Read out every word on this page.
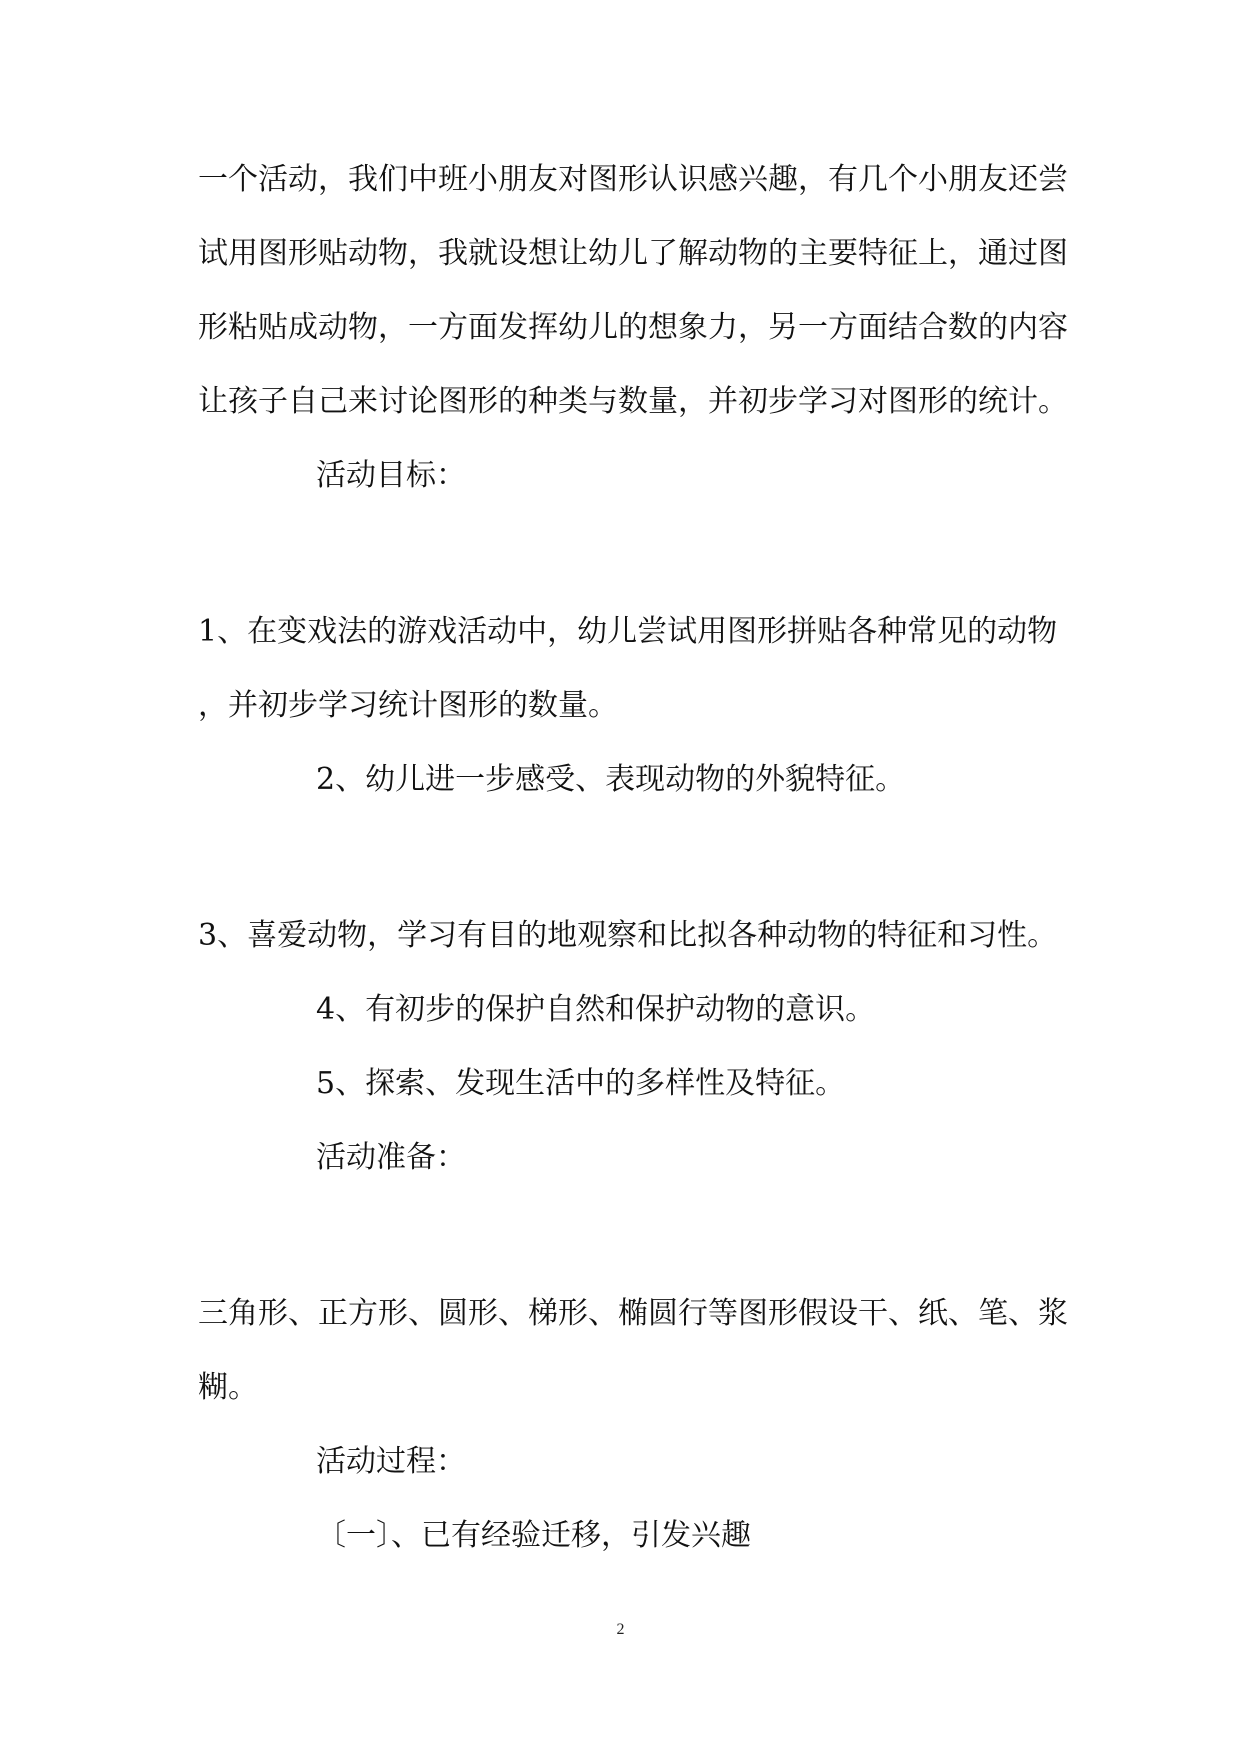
一个活动，我们中班小朋友对图形认识感兴趣，有几个小朋友还尝

试用图形贴动物，我就设想让幼儿了解动物的主要特征上，通过图

形粘贴成动物，一方面发挥幼儿的想象力，另一方面结合数的内容

让孩子自己来讨论图形的种类与数量，并初步学习对图形的统计。

活动目标：

1、在变戏法的游戏活动中，幼儿尝试用图形拼贴各种常见的动物

，并初步学习统计图形的数量。

2、幼儿进一步感受、表现动物的外貌特征。

3、喜爱动物，学习有目的地观察和比拟各种动物的特征和习性。

4、有初步的保护自然和保护动物的意识。

5、探索、发现生活中的多样性及特征。

活动准备：

三角形、正方形、圆形、梯形、椭圆行等图形假设干、纸、笔、浆

糊。

活动过程：

〔一〕、已有经验迁移，引发兴趣

2
